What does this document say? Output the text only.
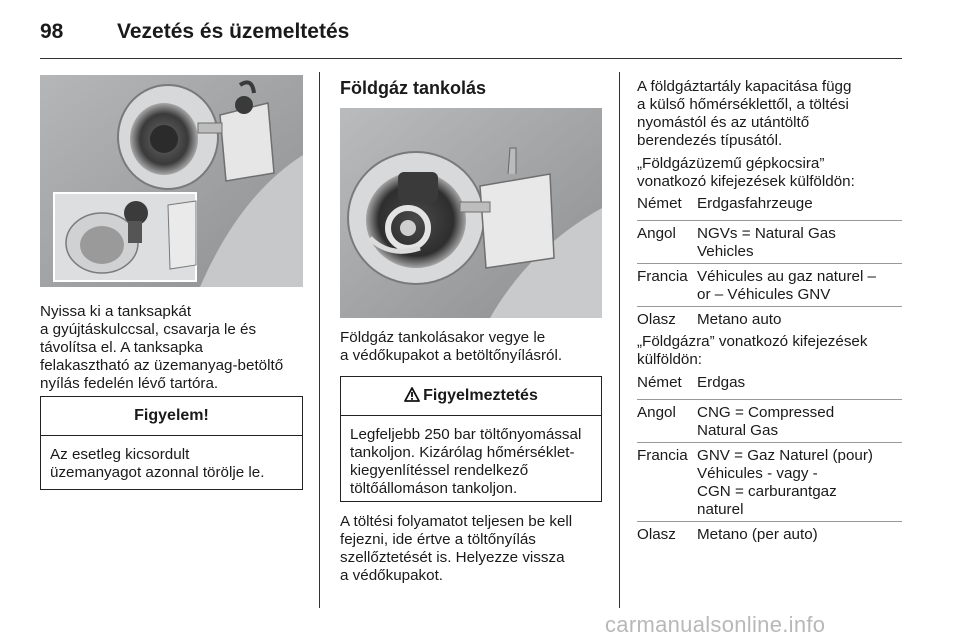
98	Vezetés és üzemeltetés
Nyissa ki a tanksapkát
a gyújtáskulccsal, csavarja le és
távolítsa el. A tanksapka
felakasztható az üzemanyag-betöltő
nyílás fedelén lévő tartóra.
Figyelem!
Az esetleg kicsordult
üzemanyagot azonnal törölje le.
Földgáz tankolás
Földgáz tankolásakor vegye le
a védőkupakot a betöltőnyílásról.
Figyelmeztetés
Legfeljebb 250 bar töltőnyomással
tankoljon. Kizárólag hőmérséklet-
kiegyenlítéssel rendelkező
töltőállomáson tankoljon.
A töltési folyamatot teljesen be kell
fejezni, ide értve a töltőnyílás
szellőztetését is. Helyezze vissza
a védőkupakot.
A földgáztartály kapacitása függ
a külső hőmérséklettől, a töltési
nyomástól és az utántöltő
berendezés típusától.
„Földgázüzemű gépkocsira”
vonatkozó kifejezések külföldön:
Német	Erdgasfahrzeuge

Angol	NGVs = Natural Gas
Vehicles

Francia	Véhicules au gaz naturel –
or – Véhicules GNV

Olasz	Metano auto
„Földgázra” vonatkozó kifejezések
külföldön:
Német	Erdgas

Angol	CNG = Compressed
Natural Gas

Francia	GNV = Gaz Naturel (pour)
Véhicules - vagy -
CGN = carburantgaz
naturel

Olasz	Metano (per auto)
carmanualsonline.info
